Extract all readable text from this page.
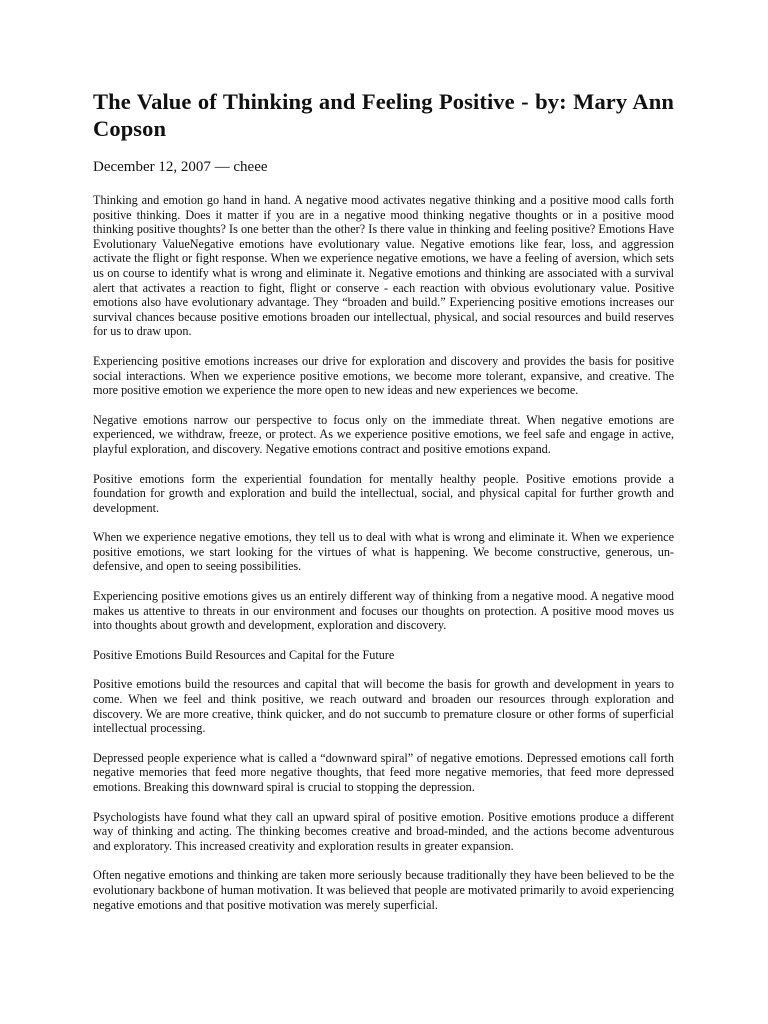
The Value of Thinking and Feeling Positive - by: Mary Ann Copson

December 12, 2007 — cheee

Thinking and emotion go hand in hand. A negative mood activates negative thinking and a positive mood calls forth positive thinking. Does it matter if you are in a negative mood thinking negative thoughts or in a positive mood thinking positive thoughts? Is one better than the other? Is there value in thinking and feeling positive? Emotions Have Evolutionary ValueNegative emotions have evolutionary value. Negative emotions like fear, loss, and aggression activate the flight or fight response. When we experience negative emotions, we have a feeling of aversion, which sets us on course to identify what is wrong and eliminate it. Negative emotions and thinking are associated with a survival alert that activates a reaction to fight, flight or conserve - each reaction with obvious evolutionary value. Positive emotions also have evolutionary advantage. They “broaden and build.” Experiencing positive emotions increases our survival chances because positive emotions broaden our intellectual, physical, and social resources and build reserves for us to draw upon.

Experiencing positive emotions increases our drive for exploration and discovery and provides the basis for positive social interactions. When we experience positive emotions, we become more tolerant, expansive, and creative. The more positive emotion we experience the more open to new ideas and new experiences we become.

Negative emotions narrow our perspective to focus only on the immediate threat. When negative emotions are experienced, we withdraw, freeze, or protect. As we experience positive emotions, we feel safe and engage in active, playful exploration, and discovery. Negative emotions contract and positive emotions expand.

Positive emotions form the experiential foundation for mentally healthy people. Positive emotions provide a foundation for growth and exploration and build the intellectual, social, and physical capital for further growth and development.

When we experience negative emotions, they tell us to deal with what is wrong and eliminate it. When we experience positive emotions, we start looking for the virtues of what is happening. We become constructive, generous, un-defensive, and open to seeing possibilities.

Experiencing positive emotions gives us an entirely different way of thinking from a negative mood. A negative mood makes us attentive to threats in our environment and focuses our thoughts on protection. A positive mood moves us into thoughts about growth and development, exploration and discovery.

Positive Emotions Build Resources and Capital for the Future

Positive emotions build the resources and capital that will become the basis for growth and development in years to come. When we feel and think positive, we reach outward and broaden our resources through exploration and discovery. We are more creative, think quicker, and do not succumb to premature closure or other forms of superficial intellectual processing.

Depressed people experience what is called a “downward spiral” of negative emotions. Depressed emotions call forth negative memories that feed more negative thoughts, that feed more negative memories, that feed more depressed emotions. Breaking this downward spiral is crucial to stopping the depression.

Psychologists have found what they call an upward spiral of positive emotion. Positive emotions produce a different way of thinking and acting. The thinking becomes creative and broad-minded, and the actions become adventurous and exploratory. This increased creativity and exploration results in greater expansion.

Often negative emotions and thinking are taken more seriously because traditionally they have been believed to be the evolutionary backbone of human motivation. It was believed that people are motivated primarily to avoid experiencing negative emotions and that positive motivation was merely superficial.
